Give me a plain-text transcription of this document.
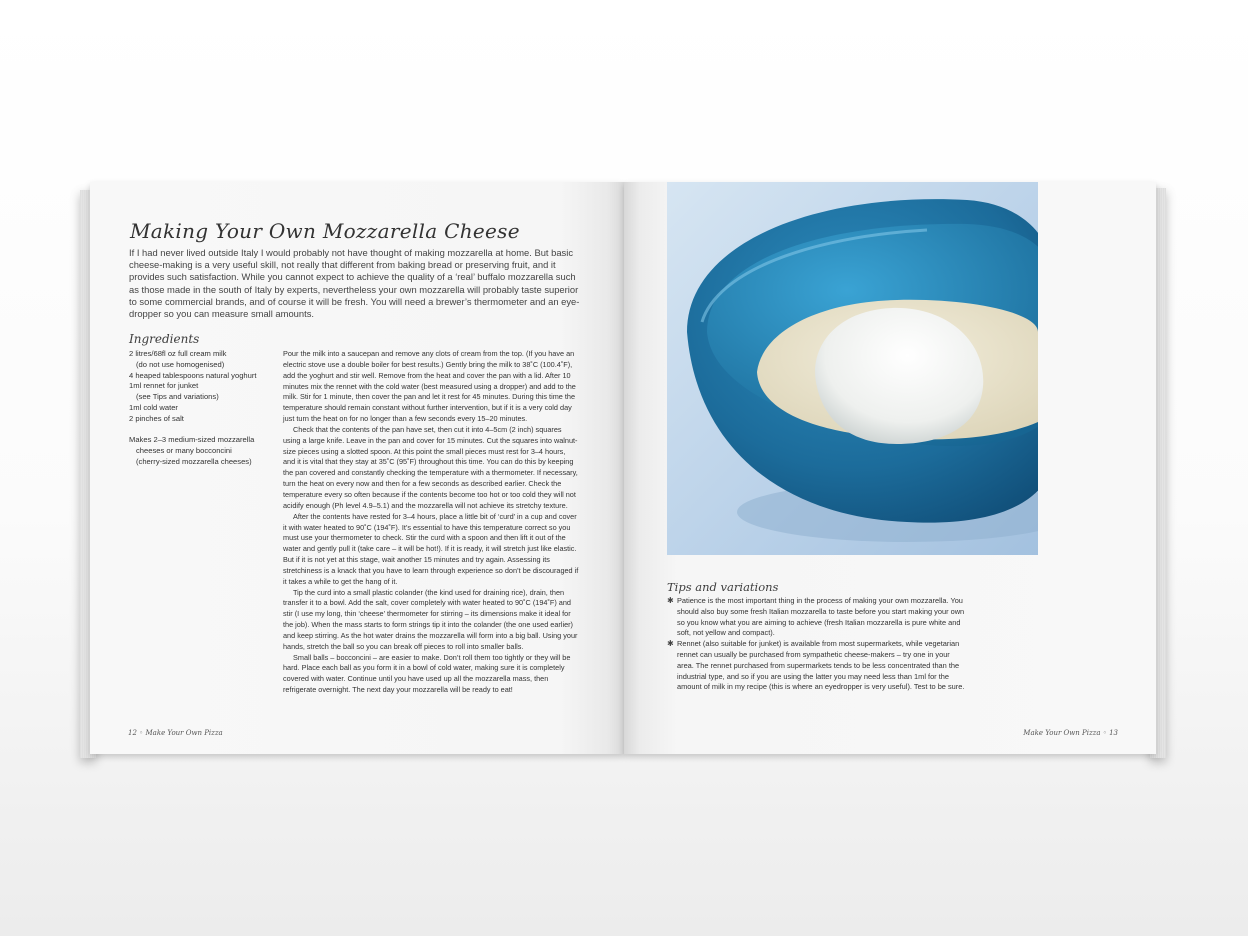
Making Your Own Mozzarella Cheese

If I had never lived outside Italy I would probably not have thought of making mozzarella at home. But basic cheese-making is a very useful skill, not really that different from baking bread or preserving fruit, and it provides such satisfaction. While you cannot expect to achieve the quality of a ‘real’ buffalo mozzarella such as those made in the south of Italy by experts, nevertheless your own mozzarella will probably taste superior to some commercial brands, and of course it will be fresh. You will need a brewer’s thermometer and an eye-dropper so you can measure small amounts.

Ingredients
2 litres/68fl oz full cream milk
(do not use homogenised)
4 heaped tablespoons natural yoghurt
1ml rennet for junket
(see Tips and variations)
1ml cold water
2 pinches of salt
Makes 2–3 medium-sized mozzarella
cheeses or many bocconcini
(cherry-sized mozzarella cheeses)

Pour the milk into a saucepan and remove any clots of cream from the top. (If you have an electric stove use a double boiler for best results.) Gently bring the milk to 38˚C (100.4˚F), add the yoghurt and stir well. Remove from the heat and cover the pan with a lid. After 10 minutes mix the rennet with the cold water (best measured using a dropper) and add to the milk. Stir for 1 minute, then cover the pan and let it rest for 45 minutes. During this time the temperature should remain constant without further intervention, but if it is a very cold day just turn the heat on for no longer than a few seconds every 15–20 minutes.

Check that the contents of the pan have set, then cut it into 4–5cm (2 inch) squares using a large knife. Leave in the pan and cover for 15 minutes. Cut the squares into walnut-size pieces using a slotted spoon. At this point the small pieces must rest for 3–4 hours, and it is vital that they stay at 35˚C (95˚F) throughout this time. You can do this by keeping the pan covered and constantly checking the temperature with a thermometer. If necessary, turn the heat on every now and then for a few seconds as described earlier. Check the temperature every so often because if the contents become too hot or too cold they will not acidify enough (Ph level 4.9–5.1) and the mozzarella will not achieve its stretchy texture.

After the contents have rested for 3–4 hours, place a little bit of ‘curd’ in a cup and cover it with water heated to 90˚C (194˚F). It’s essential to have this temperature correct so you must use your thermometer to check. Stir the curd with a spoon and then lift it out of the water and gently pull it (take care – it will be hot!). If it is ready, it will stretch just like elastic. But if it is not yet at this stage, wait another 15 minutes and try again. Assessing its stretchiness is a knack that you have to learn through experience so don’t be discouraged if it takes a while to get the hang of it.

Tip the curd into a small plastic colander (the kind used for draining rice), drain, then transfer it to a bowl. Add the salt, cover completely with water heated to 90˚C (194˚F) and stir (I use my long, thin ‘cheese’ thermometer for stirring – its dimensions make it ideal for the job). When the mass starts to form strings tip it into the colander (the one used earlier) and keep stirring. As the hot water drains the mozzarella will form into a big ball. Using your hands, stretch the ball so you can break off pieces to roll into smaller balls.

Small balls – bocconcini – are easier to make. Don’t roll them too tightly or they will be hard. Place each ball as you form it in a bowl of cold water, making sure it is completely covered with water. Continue until you have used up all the mozzarella mass, then refrigerate overnight. The next day your mozzarella will be ready to eat!

12 ◦ Make Your Own Pizza
Tips and variations
✱ Patience is the most important thing in the process of making your own mozzarella. You should also buy some fresh Italian mozzarella to taste before you start making your own so you know what you are aiming to achieve (fresh Italian mozzarella is pure white and soft, not yellow and compact).
✱ Rennet (also suitable for junket) is available from most supermarkets, while vegetarian rennet can usually be purchased from sympathetic cheese-makers – try one in your area. The rennet purchased from supermarkets tends to be less concentrated than the industrial type, and so if you are using the latter you may need less than 1ml for the amount of milk in my recipe (this is where an eyedropper is very useful). Test to be sure.
Make Your Own Pizza ◦ 13
